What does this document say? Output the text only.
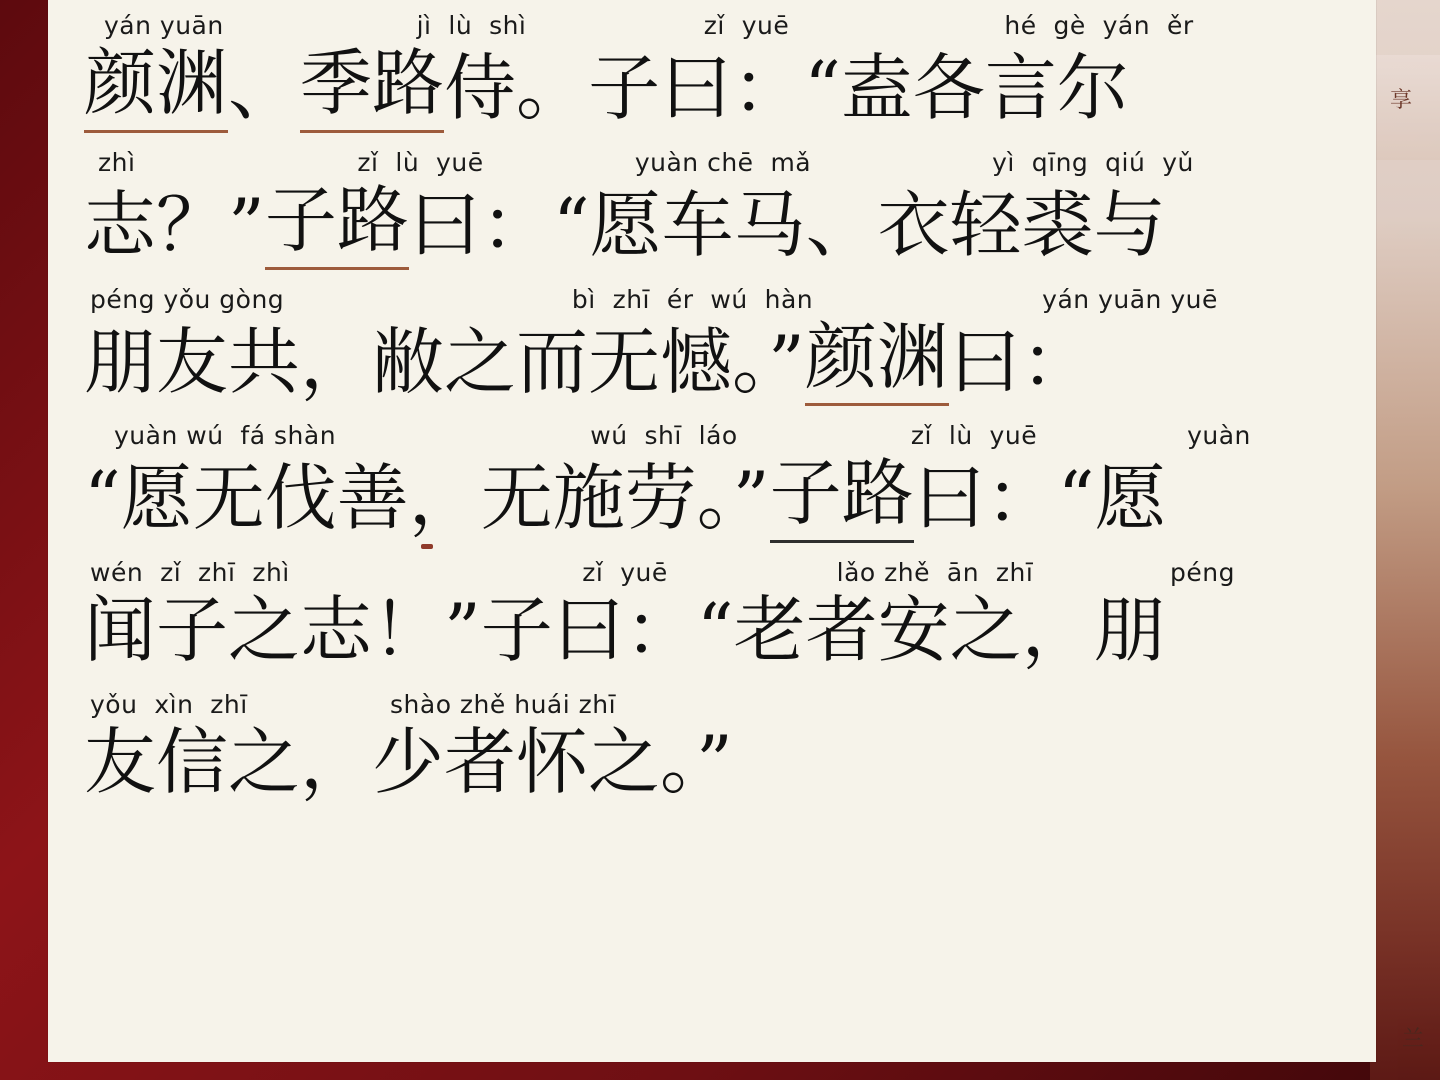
享
兰
yán yuān	jì  lù  shì	zǐ  yuē	hé  gè  yán  ěr
颜渊 、 季路 侍。 子曰：“盍各言尔
zhì	zǐ  lù  yuē	yuàn chē  mǎ	yì  qīng  qiú  yǔ
志？” 子路 曰：“愿车马、衣轻裘与
péng yǒu gòng	bì  zhī  ér  wú  hàn	yán yuān yuē
朋友共，敝之而无憾。” 颜渊 曰：
yuàn wú  fá shàn	wú  shī  láo	zǐ  lù  yuē	yuàn
“愿无伐善，无施劳。” 子路 曰：“愿
wén  zǐ  zhī  zhì	zǐ  yuē	lǎo zhě  ān  zhī	péng
闻子之志！”子曰：“老者安之，朋
yǒu  xìn  zhī	shào zhě huái zhī
友信之，少者怀之。”
